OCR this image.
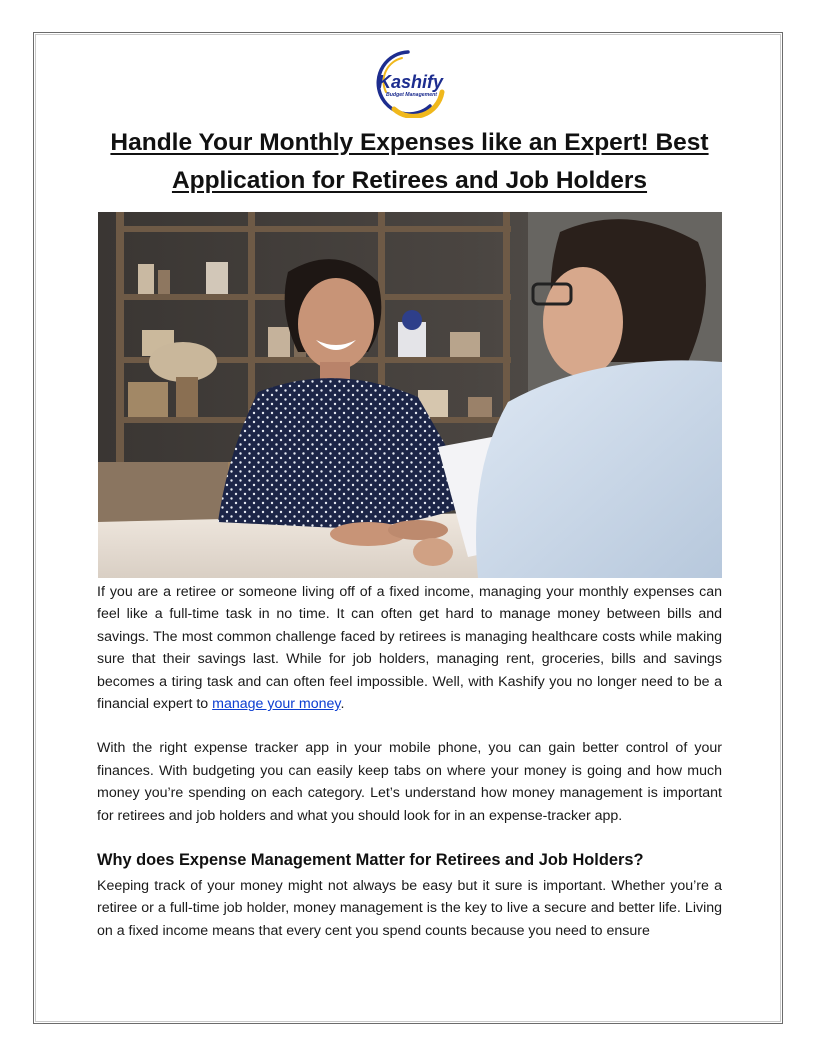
Kashify
Budget Management
Handle Your Monthly Expenses like an Expert! Best
Application for Retirees and Job Holders

If you are a retiree or someone living off of a fixed income, managing your monthly expenses can feel like a full-time task in no time. It can often get hard to manage money between bills and savings. The most common challenge faced by retirees is managing healthcare costs while making sure that their savings last. While for job holders, managing rent, groceries, bills and savings becomes a tiring task and can often feel impossible. Well, with Kashify you no longer need to be a financial expert to manage your money.

With the right expense tracker app in your mobile phone, you can gain better control of your finances. With budgeting you can easily keep tabs on where your money is going and how much money you’re spending on each category. Let’s understand how money management is important for retirees and job holders and what you should look for in an expense-tracker app.

Why does Expense Management Matter for Retirees and Job Holders?

Keeping track of your money might not always be easy but it sure is important. Whether you’re a retiree or a full-time job holder, money management is the key to live a secure and better life. Living on a fixed income means that every cent you spend counts because you need to ensure
